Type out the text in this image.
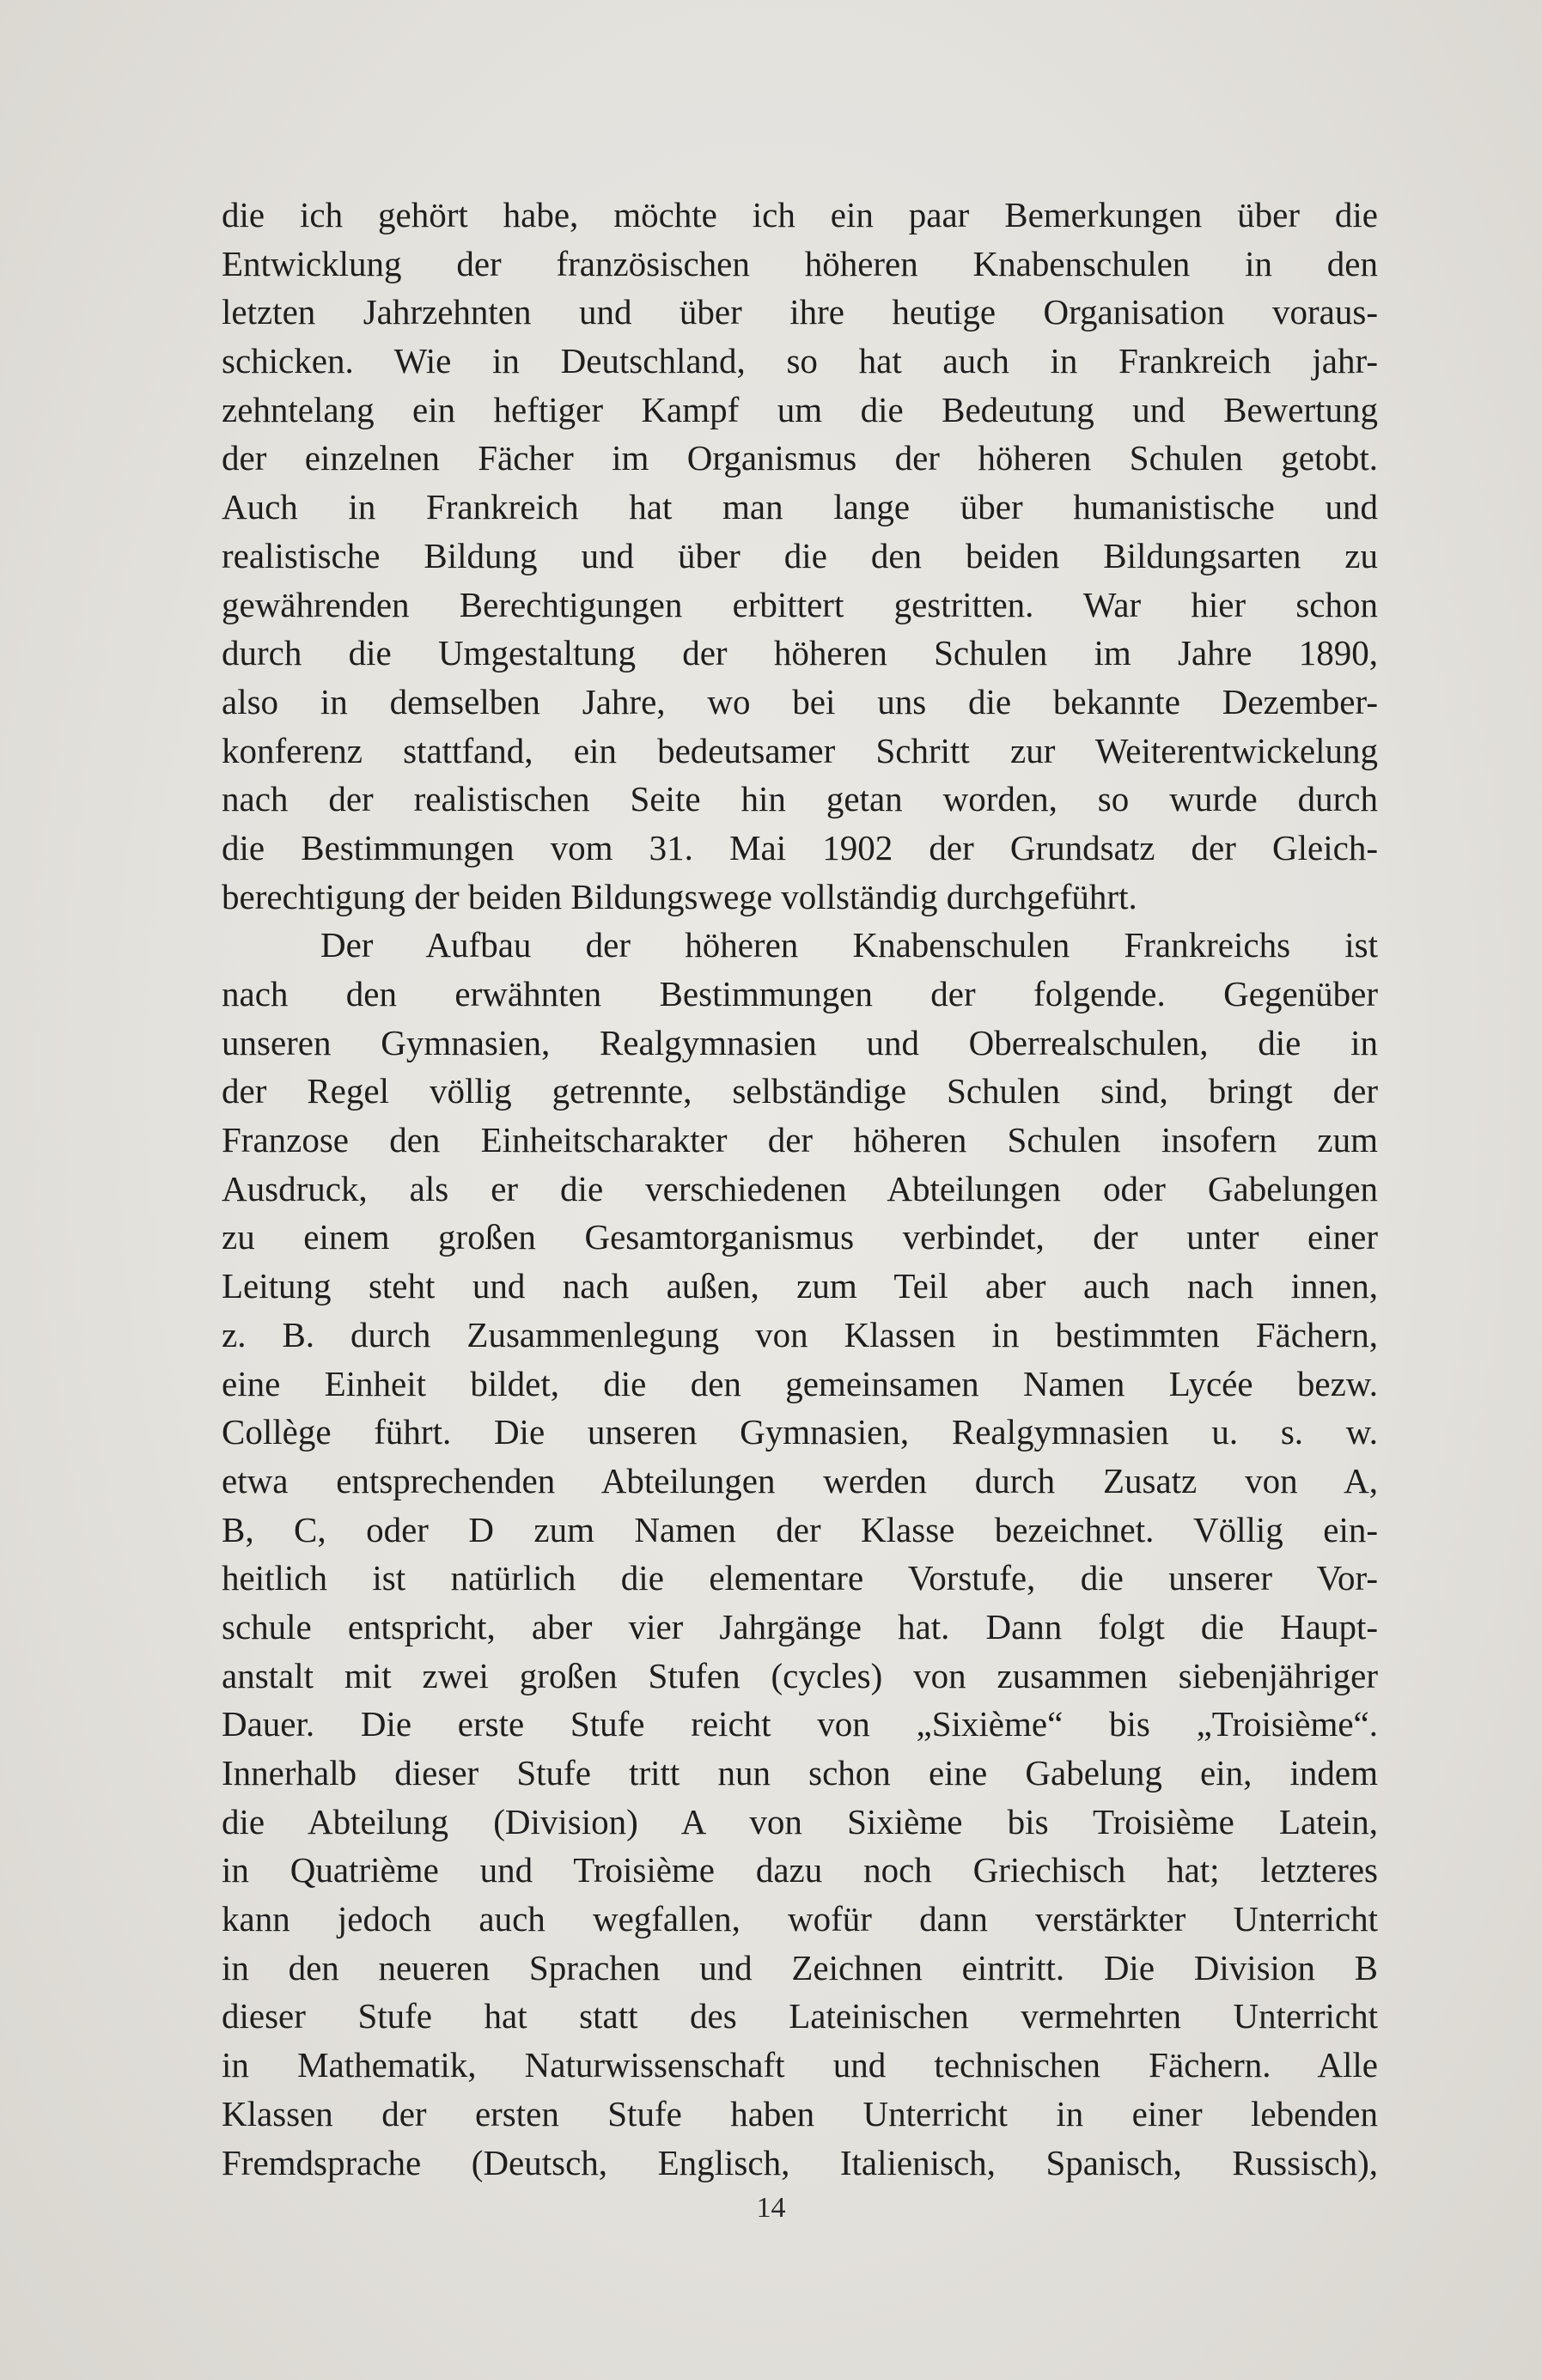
die ich gehört habe, möchte ich ein paar Bemerkungen über die
Entwicklung der französischen höheren Knabenschulen in den
letzten Jahrzehnten und über ihre heutige Organisation voraus-
schicken. Wie in Deutschland, so hat auch in Frankreich jahr-
zehntelang ein heftiger Kampf um die Bedeutung und Bewertung
der einzelnen Fächer im Organismus der höheren Schulen getobt.
Auch in Frankreich hat man lange über humanistische und
realistische Bildung und über die den beiden Bildungsarten zu
gewährenden Berechtigungen erbittert gestritten. War hier schon
durch die Umgestaltung der höheren Schulen im Jahre 1890,
also in demselben Jahre, wo bei uns die bekannte Dezember-
konferenz stattfand, ein bedeutsamer Schritt zur Weiterentwickelung
nach der realistischen Seite hin getan worden, so wurde durch
die Bestimmungen vom 31. Mai 1902 der Grundsatz der Gleich-
berechtigung der beiden Bildungswege vollständig durchgeführt.
Der Aufbau der höheren Knabenschulen Frankreichs ist
nach den erwähnten Bestimmungen der folgende. Gegenüber
unseren Gymnasien, Realgymnasien und Oberrealschulen, die in
der Regel völlig getrennte, selbständige Schulen sind, bringt der
Franzose den Einheitscharakter der höheren Schulen insofern zum
Ausdruck, als er die verschiedenen Abteilungen oder Gabelungen
zu einem großen Gesamtorganismus verbindet, der unter einer
Leitung steht und nach außen, zum Teil aber auch nach innen,
z. B. durch Zusammenlegung von Klassen in bestimmten Fächern,
eine Einheit bildet, die den gemeinsamen Namen Lycée bezw.
Collège führt. Die unseren Gymnasien, Realgymnasien u. s. w.
etwa entsprechenden Abteilungen werden durch Zusatz von A,
B, C, oder D zum Namen der Klasse bezeichnet. Völlig ein-
heitlich ist natürlich die elementare Vorstufe, die unserer Vor-
schule entspricht, aber vier Jahrgänge hat. Dann folgt die Haupt-
anstalt mit zwei großen Stufen (cycles) von zusammen siebenjähriger
Dauer. Die erste Stufe reicht von „Sixième“ bis „Troisième“.
Innerhalb dieser Stufe tritt nun schon eine Gabelung ein, indem
die Abteilung (Division) A von Sixième bis Troisième Latein,
in Quatrième und Troisième dazu noch Griechisch hat; letzteres
kann jedoch auch wegfallen, wofür dann verstärkter Unterricht
in den neueren Sprachen und Zeichnen eintritt. Die Division B
dieser Stufe hat statt des Lateinischen vermehrten Unterricht
in Mathematik, Naturwissenschaft und technischen Fächern. Alle
Klassen der ersten Stufe haben Unterricht in einer lebenden
Fremdsprache (Deutsch, Englisch, Italienisch, Spanisch, Russisch),
14
